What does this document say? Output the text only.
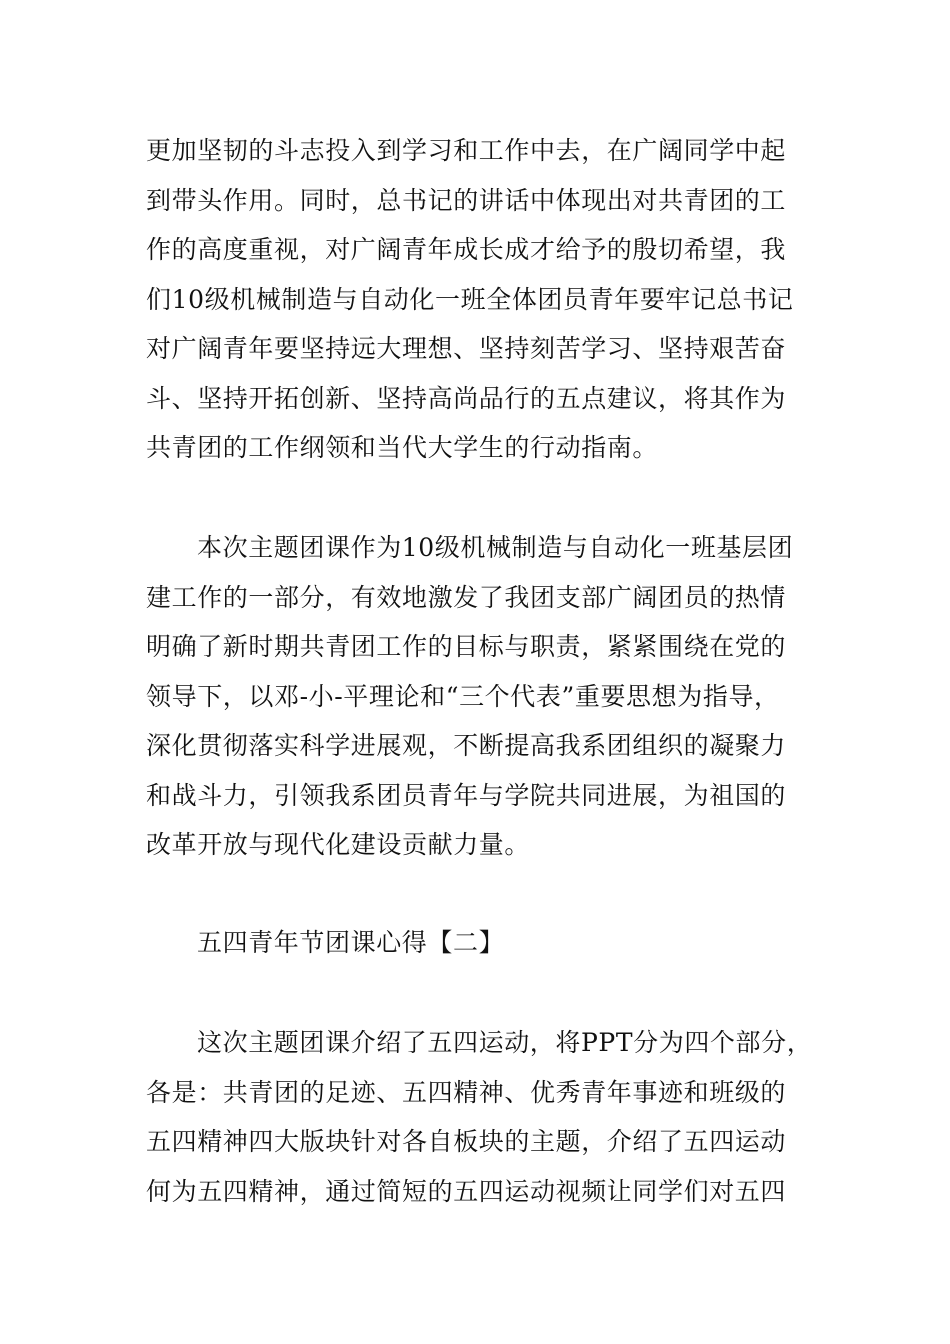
更加坚韧的斗志投入到学习和工作中去，在广阔同学中起
到带头作用。同时，总书记的讲话中体现出对共青团的工
作的高度重视，对广阔青年成长成才给予的殷切希望，我
们10级机械制造与自动化一班全体团员青年要牢记总书记
对广阔青年要坚持远大理想、坚持刻苦学习、坚持艰苦奋
斗、坚持开拓创新、坚持高尚品行的五点建议，将其作为
共青团的工作纲领和当代大学生的行动指南。
本次主题团课作为10级机械制造与自动化一班基层团
建工作的一部分，有效地激发了我团支部广阔团员的热情
明确了新时期共青团工作的目标与职责，紧紧围绕在党的
领导下，以邓-小-平理论和“三个代表”重要思想为指导，
深化贯彻落实科学进展观，不断提高我系团组织的凝聚力
和战斗力，引领我系团员青年与学院共同进展，为祖国的
改革开放与现代化建设贡献力量。
五四青年节团课心得【二】
这次主题团课介绍了五四运动，将PPT分为四个部分，
各是：共青团的足迹、五四精神、优秀青年事迹和班级的
五四精神四大版块针对各自板块的主题，介绍了五四运动
何为五四精神，通过简短的五四运动视频让同学们对五四
